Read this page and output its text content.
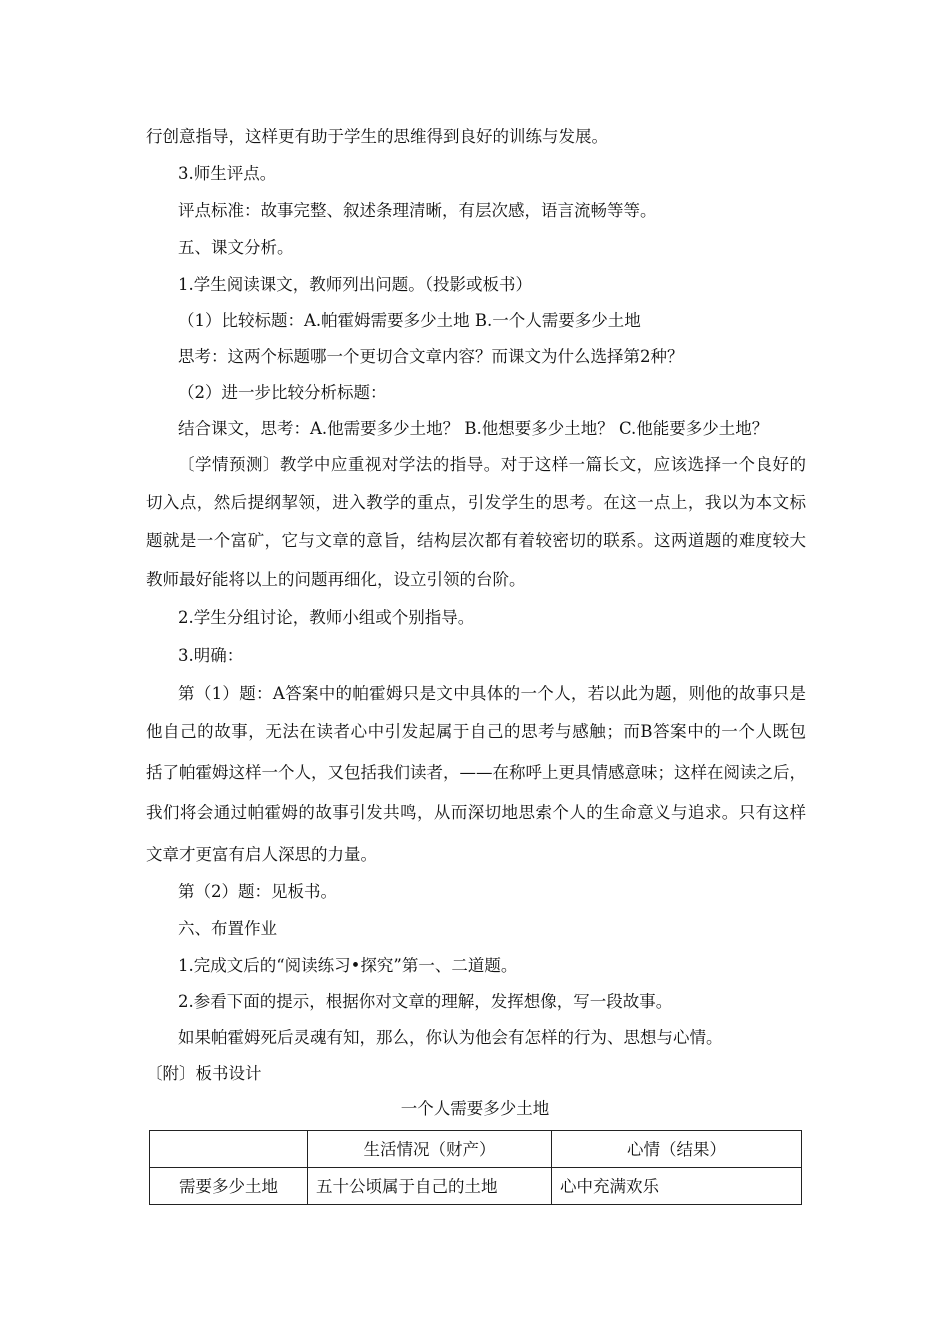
行创意指导，这样更有助于学生的思维得到良好的训练与发展。
3.师生评点。
评点标准：故事完整、叙述条理清晰，有层次感，语言流畅等等。
五、课文分析。
1.学生阅读课文，教师列出问题。（投影或板书）
（1）比较标题：A.帕霍姆需要多少土地 B.一个人需要多少土地
思考：这两个标题哪一个更切合文章内容？而课文为什么选择第2种？
（2）进一步比较分析标题：
结合课文，思考：A.他需要多少土地？ B.他想要多少土地？ C.他能要多少土地？
〔学情预测〕教学中应重视对学法的指导。对于这样一篇长文，应该选择一个良好的
切入点，然后提纲挈领，进入教学的重点，引发学生的思考。在这一点上，我以为本文标
题就是一个富矿，它与文章的意旨，结构层次都有着较密切的联系。这两道题的难度较大
教师最好能将以上的问题再细化，设立引领的台阶。
2.学生分组讨论，教师小组或个别指导。
3.明确：
第（1）题：A答案中的帕霍姆只是文中具体的一个人，若以此为题，则他的故事只是
他自己的故事，无法在读者心中引发起属于自己的思考与感触；而B答案中的一个人既包
括了帕霍姆这样一个人，又包括我们读者，——在称呼上更具情感意味；这样在阅读之后，
我们将会通过帕霍姆的故事引发共鸣，从而深切地思索个人的生命意义与追求。只有这样
文章才更富有启人深思的力量。
第（2）题：见板书。
六、布置作业
1.完成文后的“阅读练习•探究”第一、二道题。
2.参看下面的提示，根据你对文章的理解，发挥想像，写一段故事。
如果帕霍姆死后灵魂有知，那么，你认为他会有怎样的行为、思想与心情。
〔附〕板书设计
一个人需要多少土地
	生活情况（财产）	心情（结果）
需要多少土地	五十公顷属于自己的土地	心中充满欢乐
